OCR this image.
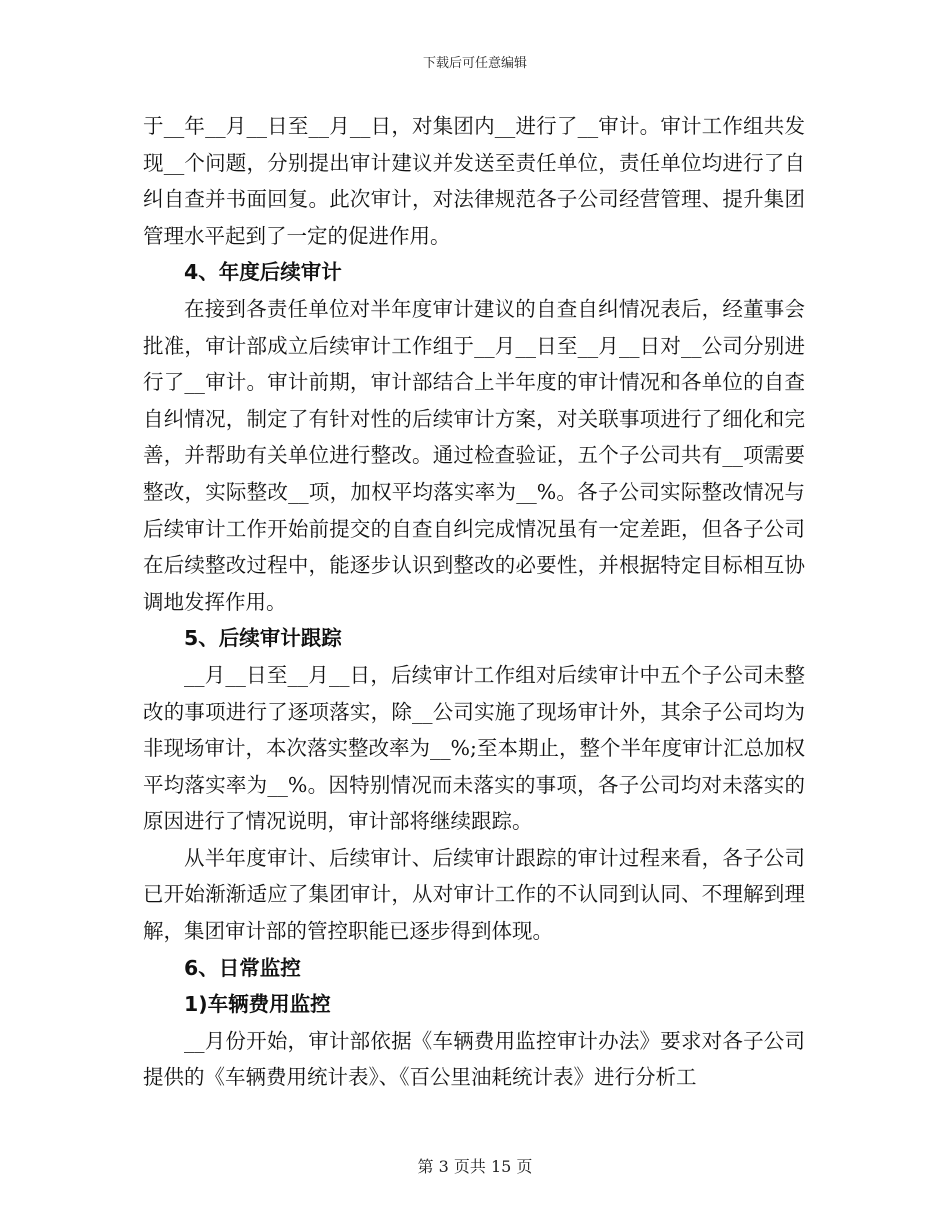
下载后可任意编辑

于__年__月__日至__月__日，对集团内__进行了__审计。审计工作组共发现__个问题，分别提出审计建议并发送至责任单位，责任单位均进行了自纠自查并书面回复。此次审计，对法律规范各子公司经营管理、提升集团管理水平起到了一定的促进作用。

4、年度后续审计

在接到各责任单位对半年度审计建议的自查自纠情况表后，经董事会批准，审计部成立后续审计工作组于__月__日至__月__日对__公司分别进行了__审计。审计前期，审计部结合上半年度的审计情况和各单位的自查自纠情况，制定了有针对性的后续审计方案，对关联事项进行了细化和完善，并帮助有关单位进行整改。通过检查验证，五个子公司共有__项需要整改，实际整改__项，加权平均落实率为__%。各子公司实际整改情况与后续审计工作开始前提交的自查自纠完成情况虽有一定差距，但各子公司在后续整改过程中，能逐步认识到整改的必要性，并根据特定目标相互协调地发挥作用。

5、后续审计跟踪

__月__日至__月__日，后续审计工作组对后续审计中五个子公司未整改的事项进行了逐项落实，除__公司实施了现场审计外，其余子公司均为非现场审计，本次落实整改率为__%;至本期止，整个半年度审计汇总加权平均落实率为__%。因特别情况而未落实的事项，各子公司均对未落实的原因进行了情况说明，审计部将继续跟踪。

从半年度审计、后续审计、后续审计跟踪的审计过程来看，各子公司已开始渐渐适应了集团审计，从对审计工作的不认同到认同、不理解到理解，集团审计部的管控职能已逐步得到体现。

6、日常监控
1)车辆费用监控

__月份开始，审计部依据《车辆费用监控审计办法》要求对各子公司提供的《车辆费用统计表》、《百公里油耗统计表》进行分析工

第 3 页共 15 页
